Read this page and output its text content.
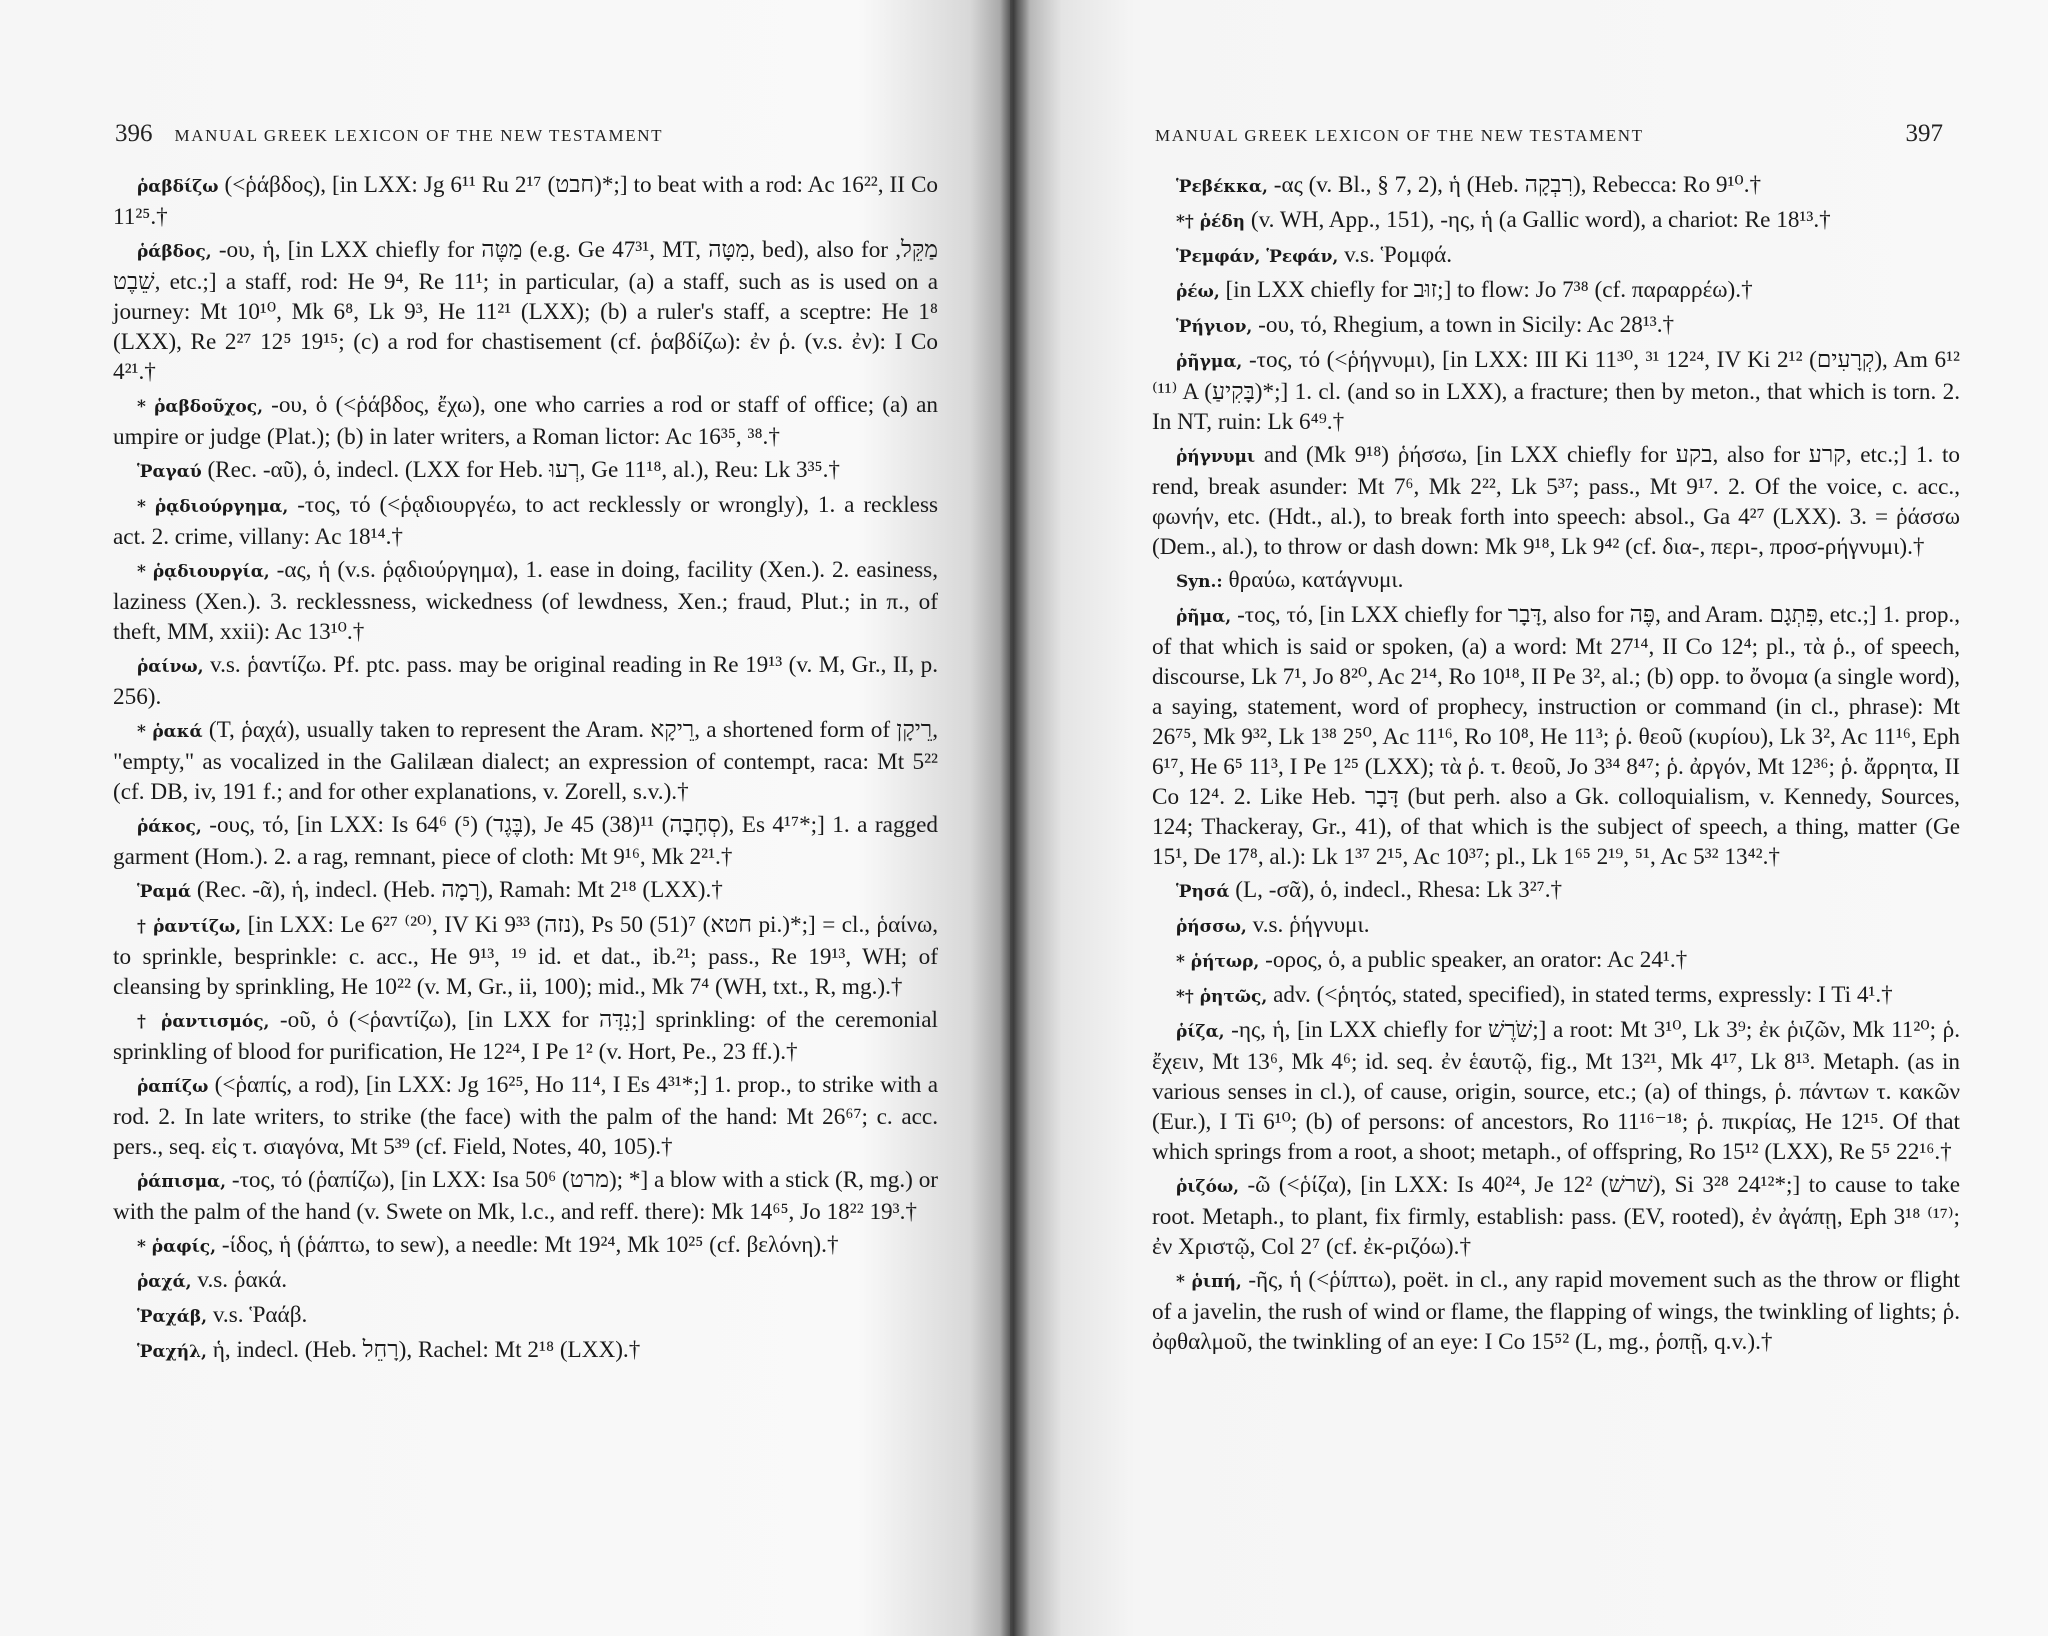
396 MANUAL GREEK LEXICON OF THE NEW TESTAMENT

ῥαβδίζω (<ῥάβδος), [in LXX: Jg 6¹¹ Ru 2¹⁷ (חבט)*;] to beat with a rod: Ac 16²², II Co 11²⁵.†

ῥάβδος, -ου, ἡ, [in LXX chiefly for מַטֶּה (e.g. Ge 47³¹, MT, מִטָּה, bed), also for מַקֵּל, שֵׁבֶט, etc.;] a staff, rod: He 9⁴, Re 11¹; in particular, (a) a staff, such as is used on a journey: Mt 10¹⁰, Mk 6⁸, Lk 9³, He 11²¹ (LXX); (b) a ruler's staff, a sceptre: He 1⁸ (LXX), Re 2²⁷ 12⁵ 19¹⁵; (c) a rod for chastisement (cf. ῥαβδίζω): ἐν ῥ. (v.s. ἐν): I Co 4²¹.†

* ῥαβδοῦχος, -ου, ὁ (<ῥάβδος, ἔχω), one who carries a rod or staff of office; (a) an umpire or judge (Plat.); (b) in later writers, a Roman lictor: Ac 16³⁵, ³⁸.†

Ῥαγαύ (Rec. -αῦ), ὁ, indecl. (LXX for Heb. רְעוּ, Ge 11¹⁸, al.), Reu: Lk 3³⁵.†

* ῥᾳδιούργημα, -τος, τό (<ῥᾳδιουργέω, to act recklessly or wrongly), 1. a reckless act. 2. crime, villany: Ac 18¹⁴.†

* ῥᾳδιουργία, -ας, ἡ (v.s. ῥᾳδιούργημα), 1. ease in doing, facility (Xen.). 2. easiness, laziness (Xen.). 3. recklessness, wickedness (of lewdness, Xen.; fraud, Plut.; in π., of theft, MM, xxii): Ac 13¹⁰.†

ῥαίνω, v.s. ῥαντίζω. Pf. ptc. pass. may be original reading in Re 19¹³ (v. M, Gr., II, p. 256).

* ῥακά (T, ῥαχά), usually taken to represent the Aram. רֵיקָא, a shortened form of רֵיקָן, "empty," as vocalized in the Galilæan dialect; an expression of contempt, raca: Mt 5²² (cf. DB, iv, 191 f.; and for other explanations, v. Zorell, s.v.).†

ῥάκος, -ους, τό, [in LXX: Is 64⁶ (⁵) (בֶּגֶד), Je 45 (38)¹¹ (סְחָבָה), Es 4¹⁷*;] 1. a ragged garment (Hom.). 2. a rag, remnant, piece of cloth: Mt 9¹⁶, Mk 2²¹.†

Ῥαμά (Rec. -ᾶ), ἡ, indecl. (Heb. רָמָה), Ramah: Mt 2¹⁸ (LXX).†

† ῥαντίζω, [in LXX: Le 6²⁷ ⁽²⁰⁾, IV Ki 9³³ (נזה), Ps 50 (51)⁷ (חטא pi.)*;] = cl., ῥαίνω, to sprinkle, besprinkle: c. acc., He 9¹³, ¹⁹ id. et dat., ib.²¹; pass., Re 19¹³, WH; of cleansing by sprinkling, He 10²² (v. M, Gr., ii, 100); mid., Mk 7⁴ (WH, txt., R, mg.).†

† ῥαντισμός, -οῦ, ὁ (<ῥαντίζω), [in LXX for נִדָּה;] sprinkling: of the ceremonial sprinkling of blood for purification, He 12²⁴, I Pe 1² (v. Hort, Pe., 23 ff.).†

ῥαπίζω (<ῥαπίς, a rod), [in LXX: Jg 16²⁵, Ho 11⁴, I Es 4³¹*;] 1. prop., to strike with a rod. 2. In late writers, to strike (the face) with the palm of the hand: Mt 26⁶⁷; c. acc. pers., seq. εἰς τ. σιαγόνα, Mt 5³⁹ (cf. Field, Notes, 40, 105).†

ῥάπισμα, -τος, τό (ῥαπίζω), [in LXX: Isa 50⁶ (מרט); *] a blow with a stick (R, mg.) or with the palm of the hand (v. Swete on Mk, l.c., and reff. there): Mk 14⁶⁵, Jo 18²² 19³.†

* ῥαφίς, -ίδος, ἡ (ῥάπτω, to sew), a needle: Mt 19²⁴, Mk 10²⁵ (cf. βελόνη).†

ῥαχά, v.s. ῥακά.

Ῥαχάβ, v.s. Ῥαάβ.

Ῥαχήλ, ἡ, indecl. (Heb. רָחֵל), Rachel: Mt 2¹⁸ (LXX).†

MANUAL GREEK LEXICON OF THE NEW TESTAMENT	397

Ῥεβέκκα, -ας (v. Bl., § 7, 2), ἡ (Heb. רִבְקָה), Rebecca: Ro 9¹⁰.†

*† ῥέδη (v. WH, App., 151), -ης, ἡ (a Gallic word), a chariot: Re 18¹³.†

Ῥεμφάν, Ῥεφάν, v.s. Ῥομφά.

ῥέω, [in LXX chiefly for זוּב;] to flow: Jo 7³⁸ (cf. παραρρέω).†

Ῥήγιον, -ου, τό, Rhegium, a town in Sicily: Ac 28¹³.†

ῥῆγμα, -τος, τό (<ῥήγνυμι), [in LXX: III Ki 11³⁰, ³¹ 12²⁴, IV Ki 2¹² (קְרָעִים), Am 6¹² ⁽¹¹⁾ A (בָּקִיעַ)*;] 1. cl. (and so in LXX), a fracture; then by meton., that which is torn. 2. In NT, ruin: Lk 6⁴⁹.†

ῥήγνυμι and (Mk 9¹⁸) ῥήσσω, [in LXX chiefly for בקע, also for קרע, etc.;] 1. to rend, break asunder: Mt 7⁶, Mk 2²², Lk 5³⁷; pass., Mt 9¹⁷. 2. Of the voice, c. acc., φωνήν, etc. (Hdt., al.), to break forth into speech: absol., Ga 4²⁷ (LXX). 3. = ῥάσσω (Dem., al.), to throw or dash down: Mk 9¹⁸, Lk 9⁴² (cf. δια-, περι-, προσ-ρήγνυμι).†

Syn.: θραύω, κατάγνυμι.

ῥῆμα, -τος, τό, [in LXX chiefly for דָּבָר, also for פֶּה, and Aram. פִּתְגָם, etc.;] 1. prop., of that which is said or spoken, (a) a word: Mt 27¹⁴, II Co 12⁴; pl., τὰ ῥ., of speech, discourse, Lk 7¹, Jo 8²⁰, Ac 2¹⁴, Ro 10¹⁸, II Pe 3², al.; (b) opp. to ὄνομα (a single word), a saying, statement, word of prophecy, instruction or command (in cl., phrase): Mt 26⁷⁵, Mk 9³², Lk 1³⁸ 2⁵⁰, Ac 11¹⁶, Ro 10⁸, He 11³; ῥ. θεοῦ (κυρίου), Lk 3², Ac 11¹⁶, Eph 6¹⁷, He 6⁵ 11³, I Pe 1²⁵ (LXX); τὰ ῥ. τ. θεοῦ, Jo 3³⁴ 8⁴⁷; ῥ. ἀργόν, Mt 12³⁶; ῥ. ἄρρητα, II Co 12⁴. 2. Like Heb. דָּבָר (but perh. also a Gk. colloquialism, v. Kennedy, Sources, 124; Thackeray, Gr., 41), of that which is the subject of speech, a thing, matter (Ge 15¹, De 17⁸, al.): Lk 1³⁷ 2¹⁵, Ac 10³⁷; pl., Lk 1⁶⁵ 2¹⁹, ⁵¹, Ac 5³² 13⁴².†

Ῥησά (L, -σᾶ), ὁ, indecl., Rhesa: Lk 3²⁷.†

ῥήσσω, v.s. ῥήγνυμι.

* ῥήτωρ, -ορος, ὁ, a public speaker, an orator: Ac 24¹.†

*† ῥητῶς, adv. (<ῥητός, stated, specified), in stated terms, expressly: I Ti 4¹.†

ῥίζα, -ης, ἡ, [in LXX chiefly for שֹׁרֶשׁ;] a root: Mt 3¹⁰, Lk 3⁹; ἐκ ῥιζῶν, Mk 11²⁰; ῥ. ἔχειν, Mt 13⁶, Mk 4⁶; id. seq. ἐν ἑαυτῷ, fig., Mt 13²¹, Mk 4¹⁷, Lk 8¹³. Metaph. (as in various senses in cl.), of cause, origin, source, etc.; (a) of things, ῥ. πάντων τ. κακῶν (Eur.), I Ti 6¹⁰; (b) of persons: of ancestors, Ro 11¹⁶⁻¹⁸; ῥ. πικρίας, He 12¹⁵. Of that which springs from a root, a shoot; metaph., of offspring, Ro 15¹² (LXX), Re 5⁵ 22¹⁶.†

ῥιζόω, -ῶ (<ῥίζα), [in LXX: Is 40²⁴, Je 12² (שׁרשׁ), Si 3²⁸ 24¹²*;] to cause to take root. Metaph., to plant, fix firmly, establish: pass. (EV, rooted), ἐν ἀγάπῃ, Eph 3¹⁸ ⁽¹⁷⁾; ἐν Χριστῷ, Col 2⁷ (cf. ἐκ-ριζόω).†

* ῥιπή, -ῆς, ἡ (<ῥίπτω), poët. in cl., any rapid movement such as the throw or flight of a javelin, the rush of wind or flame, the flapping of wings, the twinkling of lights; ῥ. ὀφθαλμοῦ, the twinkling of an eye: I Co 15⁵² (L, mg., ῥοπῇ, q.v.).†
